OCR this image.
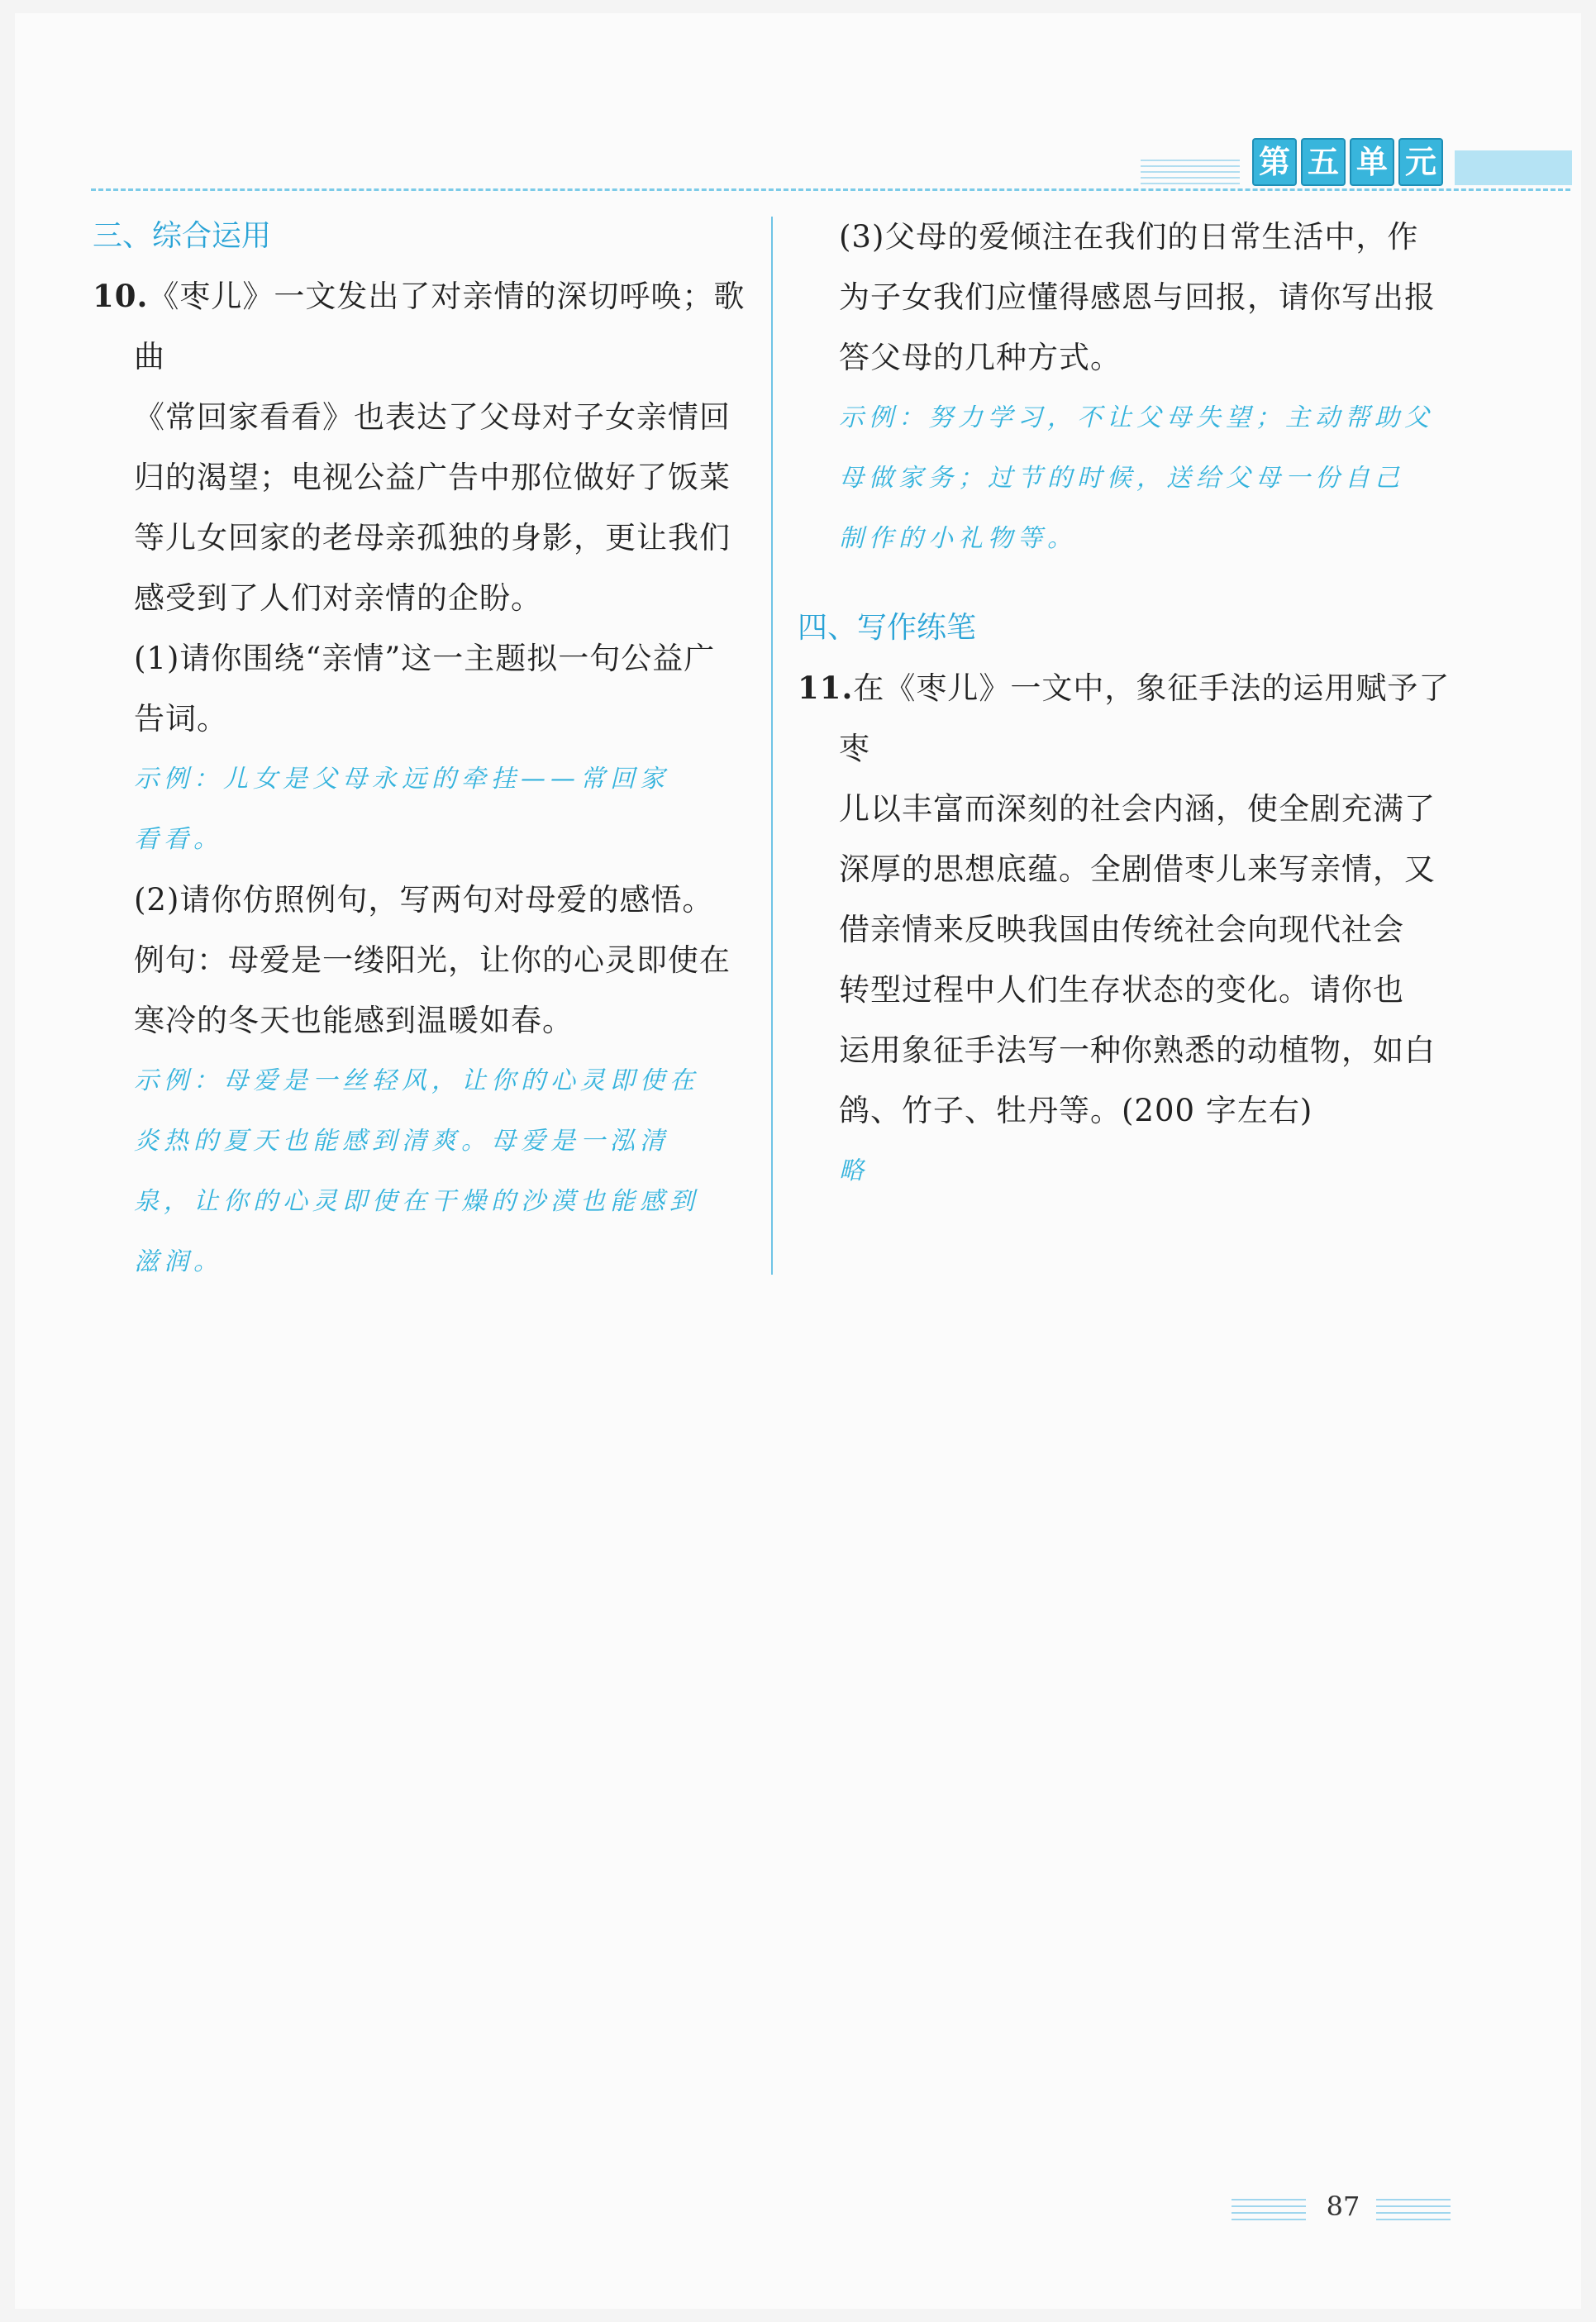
第 五 单 元

三、综合运用

10.《枣儿》一文发出了对亲情的深切呼唤；歌曲

《常回家看看》也表达了父母对子女亲情回

归的渴望；电视公益广告中那位做好了饭菜

等儿女回家的老母亲孤独的身影，更让我们

感受到了人们对亲情的企盼。

(1)请你围绕“亲情”这一主题拟一句公益广

告词。

示例：儿女是父母永远的牵挂——常回家

看看。

(2)请你仿照例句，写两句对母爱的感悟。

例句：母爱是一缕阳光，让你的心灵即使在

寒冷的冬天也能感到温暖如春。

示例：母爱是一丝轻风，让你的心灵即使在

炎热的夏天也能感到清爽。母爱是一泓清

泉，让你的心灵即使在干燥的沙漠也能感到

滋润。

(3)父母的爱倾注在我们的日常生活中，作

为子女我们应懂得感恩与回报，请你写出报

答父母的几种方式。

示例：努力学习，不让父母失望；主动帮助父

母做家务；过节的时候，送给父母一份自己

制作的小礼物等。

四、写作练笔

11.在《枣儿》一文中，象征手法的运用赋予了枣

儿以丰富而深刻的社会内涵，使全剧充满了

深厚的思想底蕴。全剧借枣儿来写亲情，又

借亲情来反映我国由传统社会向现代社会

转型过程中人们生存状态的变化。请你也

运用象征手法写一种你熟悉的动植物，如白

鸽、竹子、牡丹等。(200 字左右)

略

87
